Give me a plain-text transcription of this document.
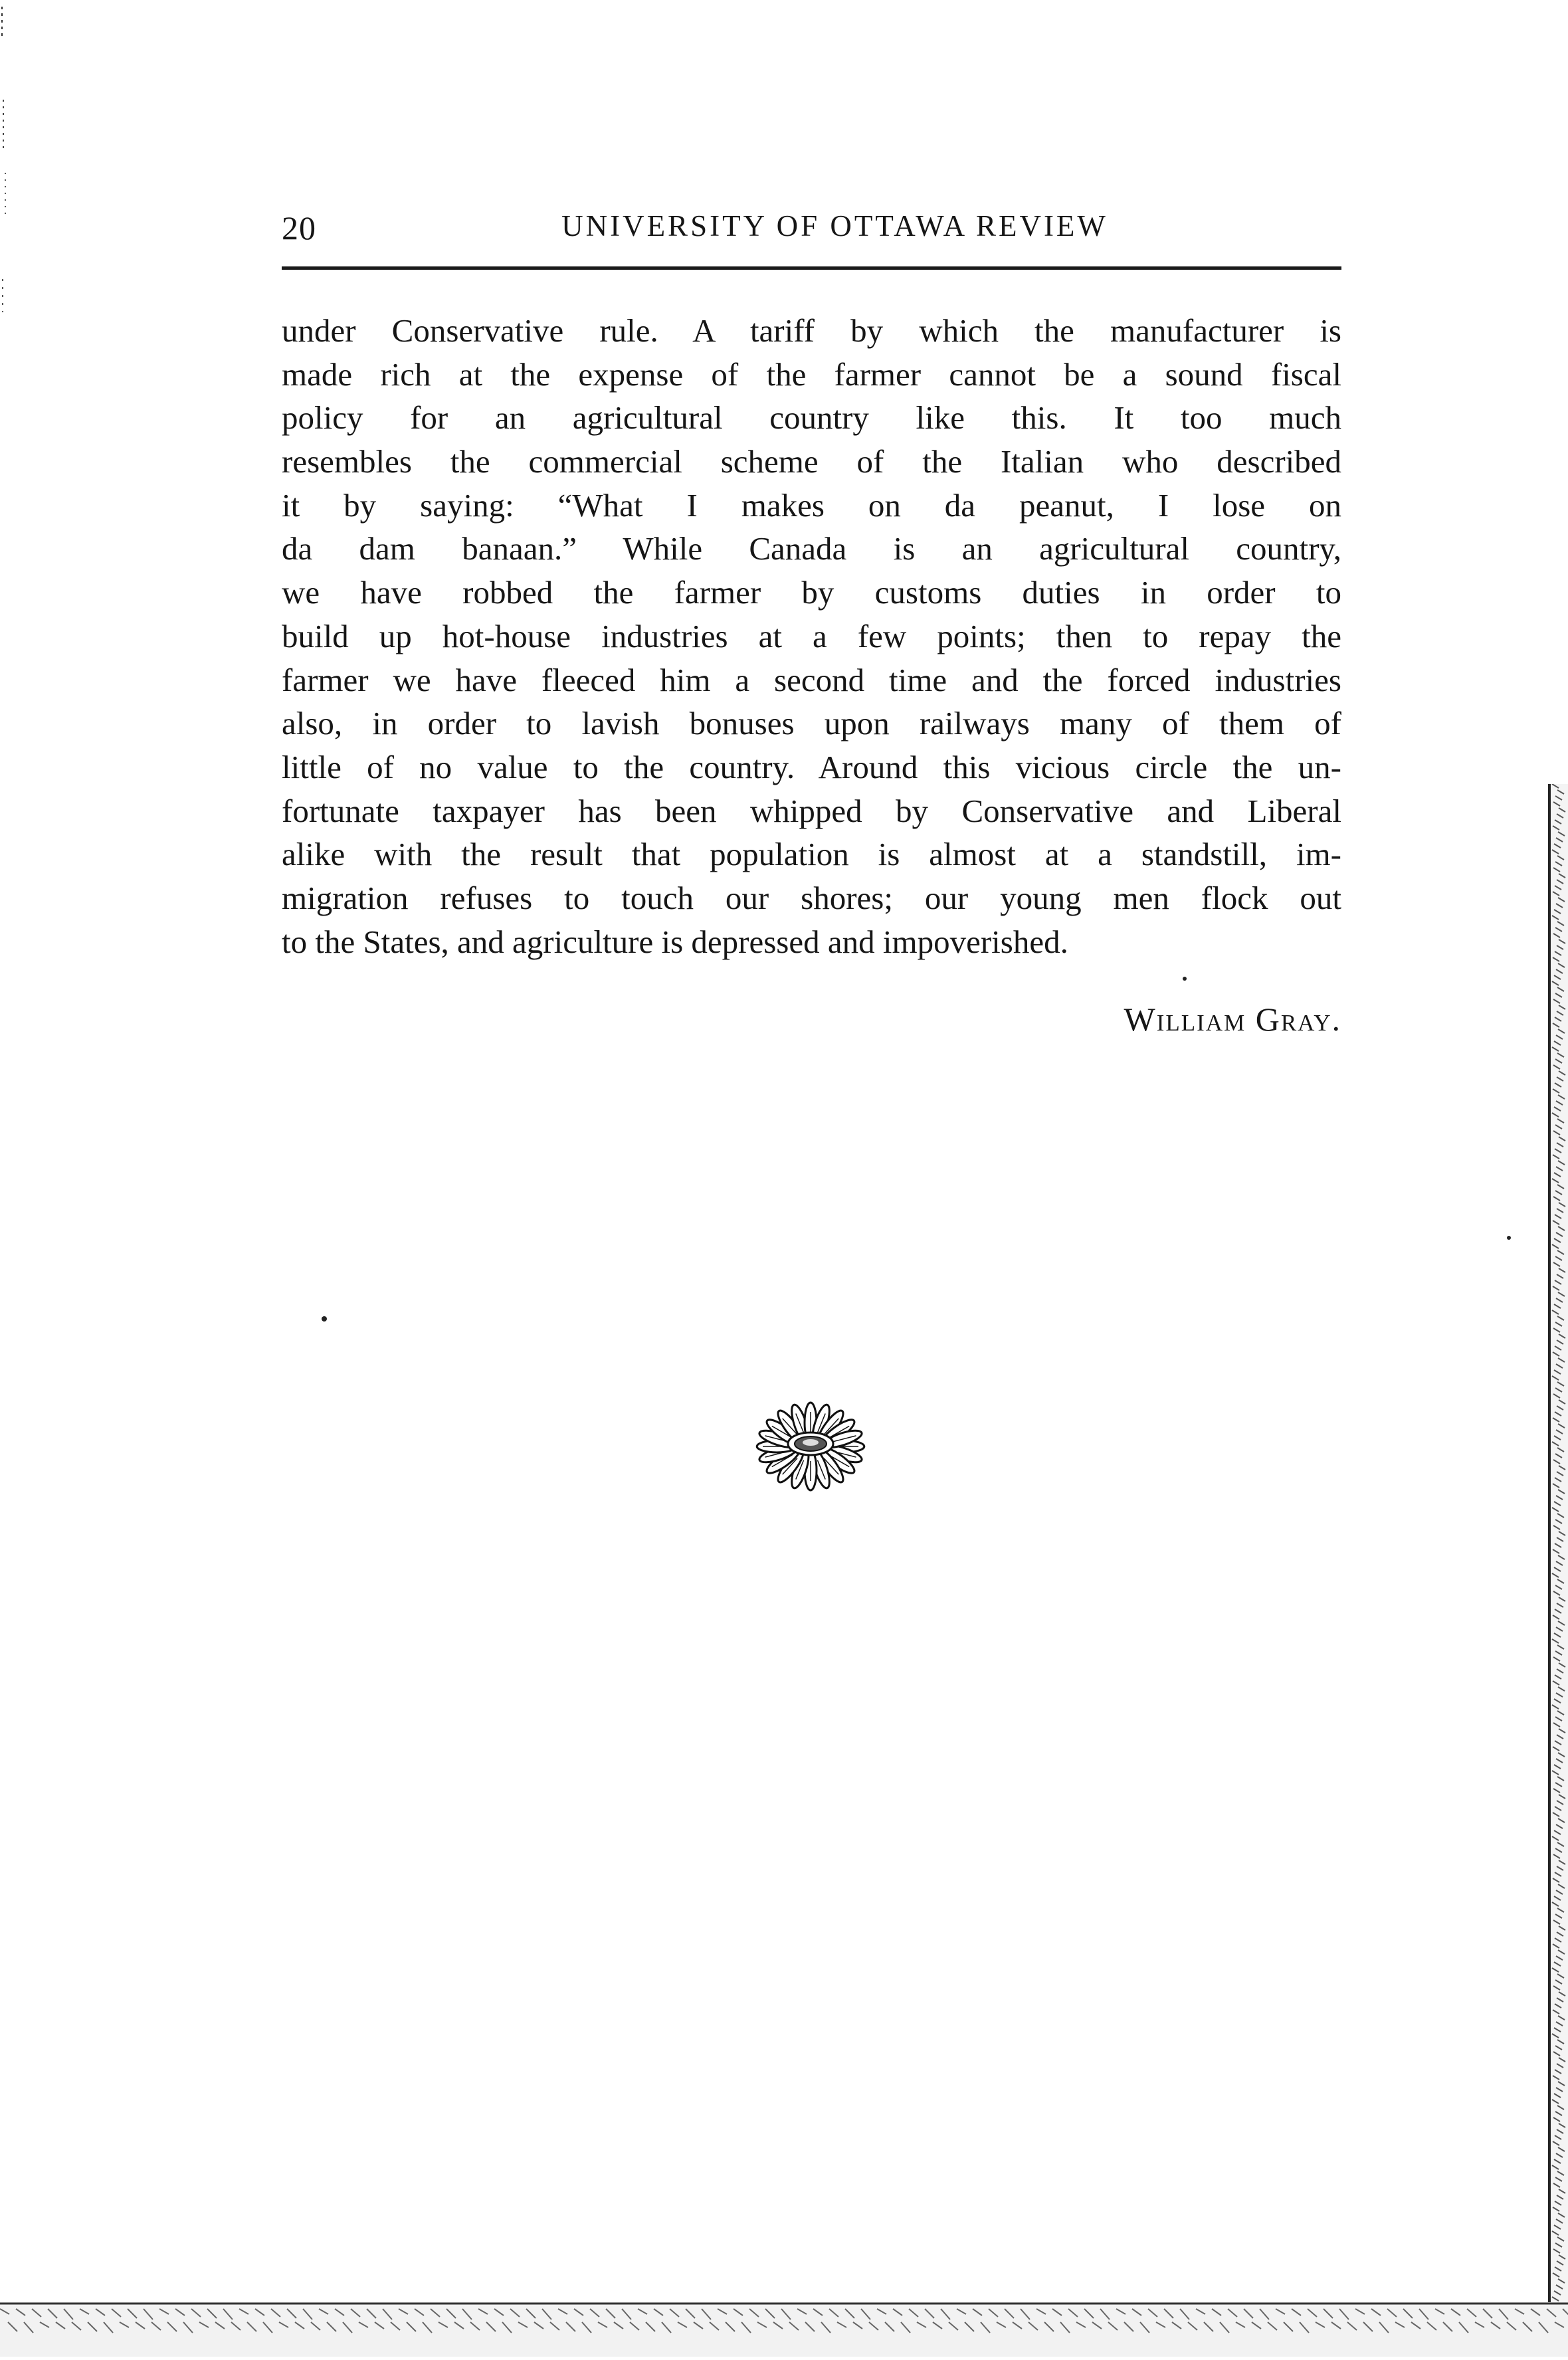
20	UNIVERSITY OF OTTAWA REVIEW
under Conservative rule. A tariff by which the manufacturer is
made rich at the expense of the farmer cannot be a sound fiscal
policy for an agricultural country like this. It too much
resembles the commercial scheme of the Italian who described
it by saying: “What I makes on da peanut, I lose on
da dam banaan.” While Canada is an agricultural country,
we have robbed the farmer by customs duties in order to
build up hot-house industries at a few points; then to repay the
farmer we have fleeced him a second time and the forced industries
also, in order to lavish bonuses upon railways many of them of
little of no value to the country. Around this vicious circle the un-
fortunate taxpayer has been whipped by Conservative and Liberal
alike with the result that population is almost at a standstill, im-
migration refuses to touch our shores; our young men flock out
to the States, and agriculture is depressed and impoverished.
William Gray.
